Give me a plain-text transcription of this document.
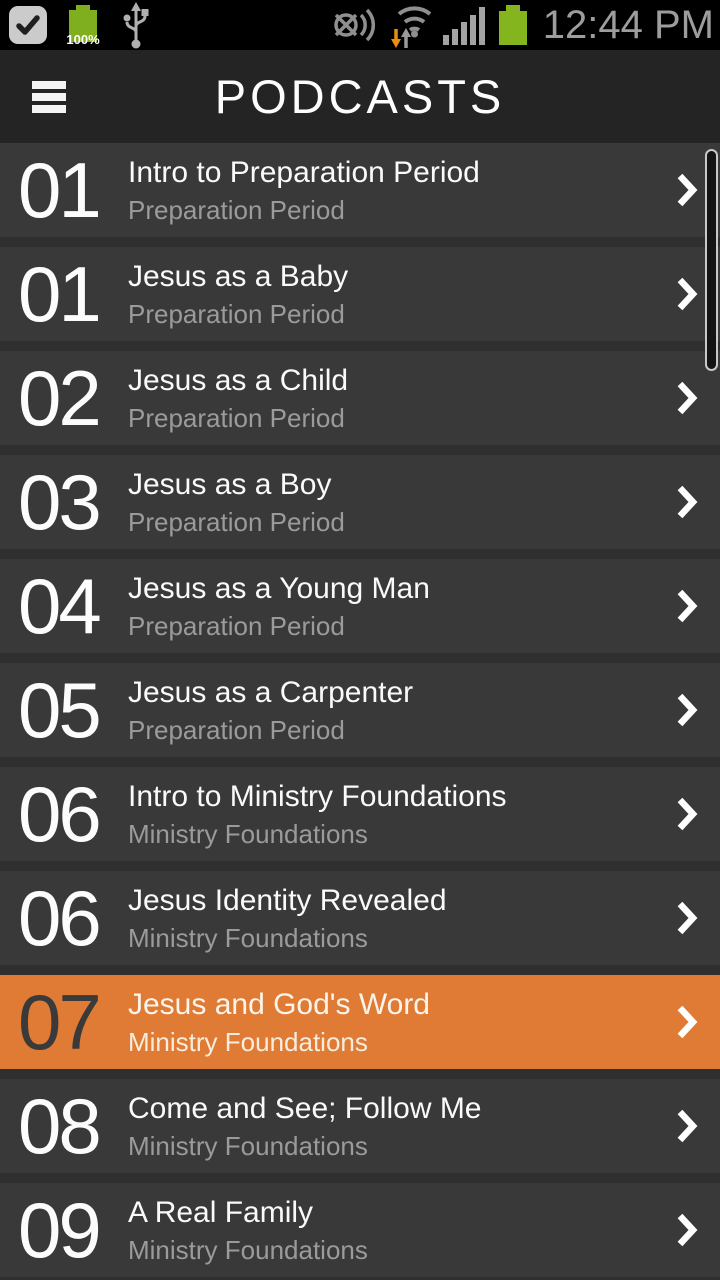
100%	12:44 PM
PODCASTS
01 Intro to Preparation Period
Preparation Period
01 Jesus as a Baby
Preparation Period
02 Jesus as a Child
Preparation Period
03 Jesus as a Boy
Preparation Period
04 Jesus as a Young Man
Preparation Period
05 Jesus as a Carpenter
Preparation Period
06 Intro to Ministry Foundations
Ministry Foundations
06 Jesus Identity Revealed
Ministry Foundations
07 Jesus and God's Word
Ministry Foundations
08 Come and See; Follow Me
Ministry Foundations
09 A Real Family
Ministry Foundations
